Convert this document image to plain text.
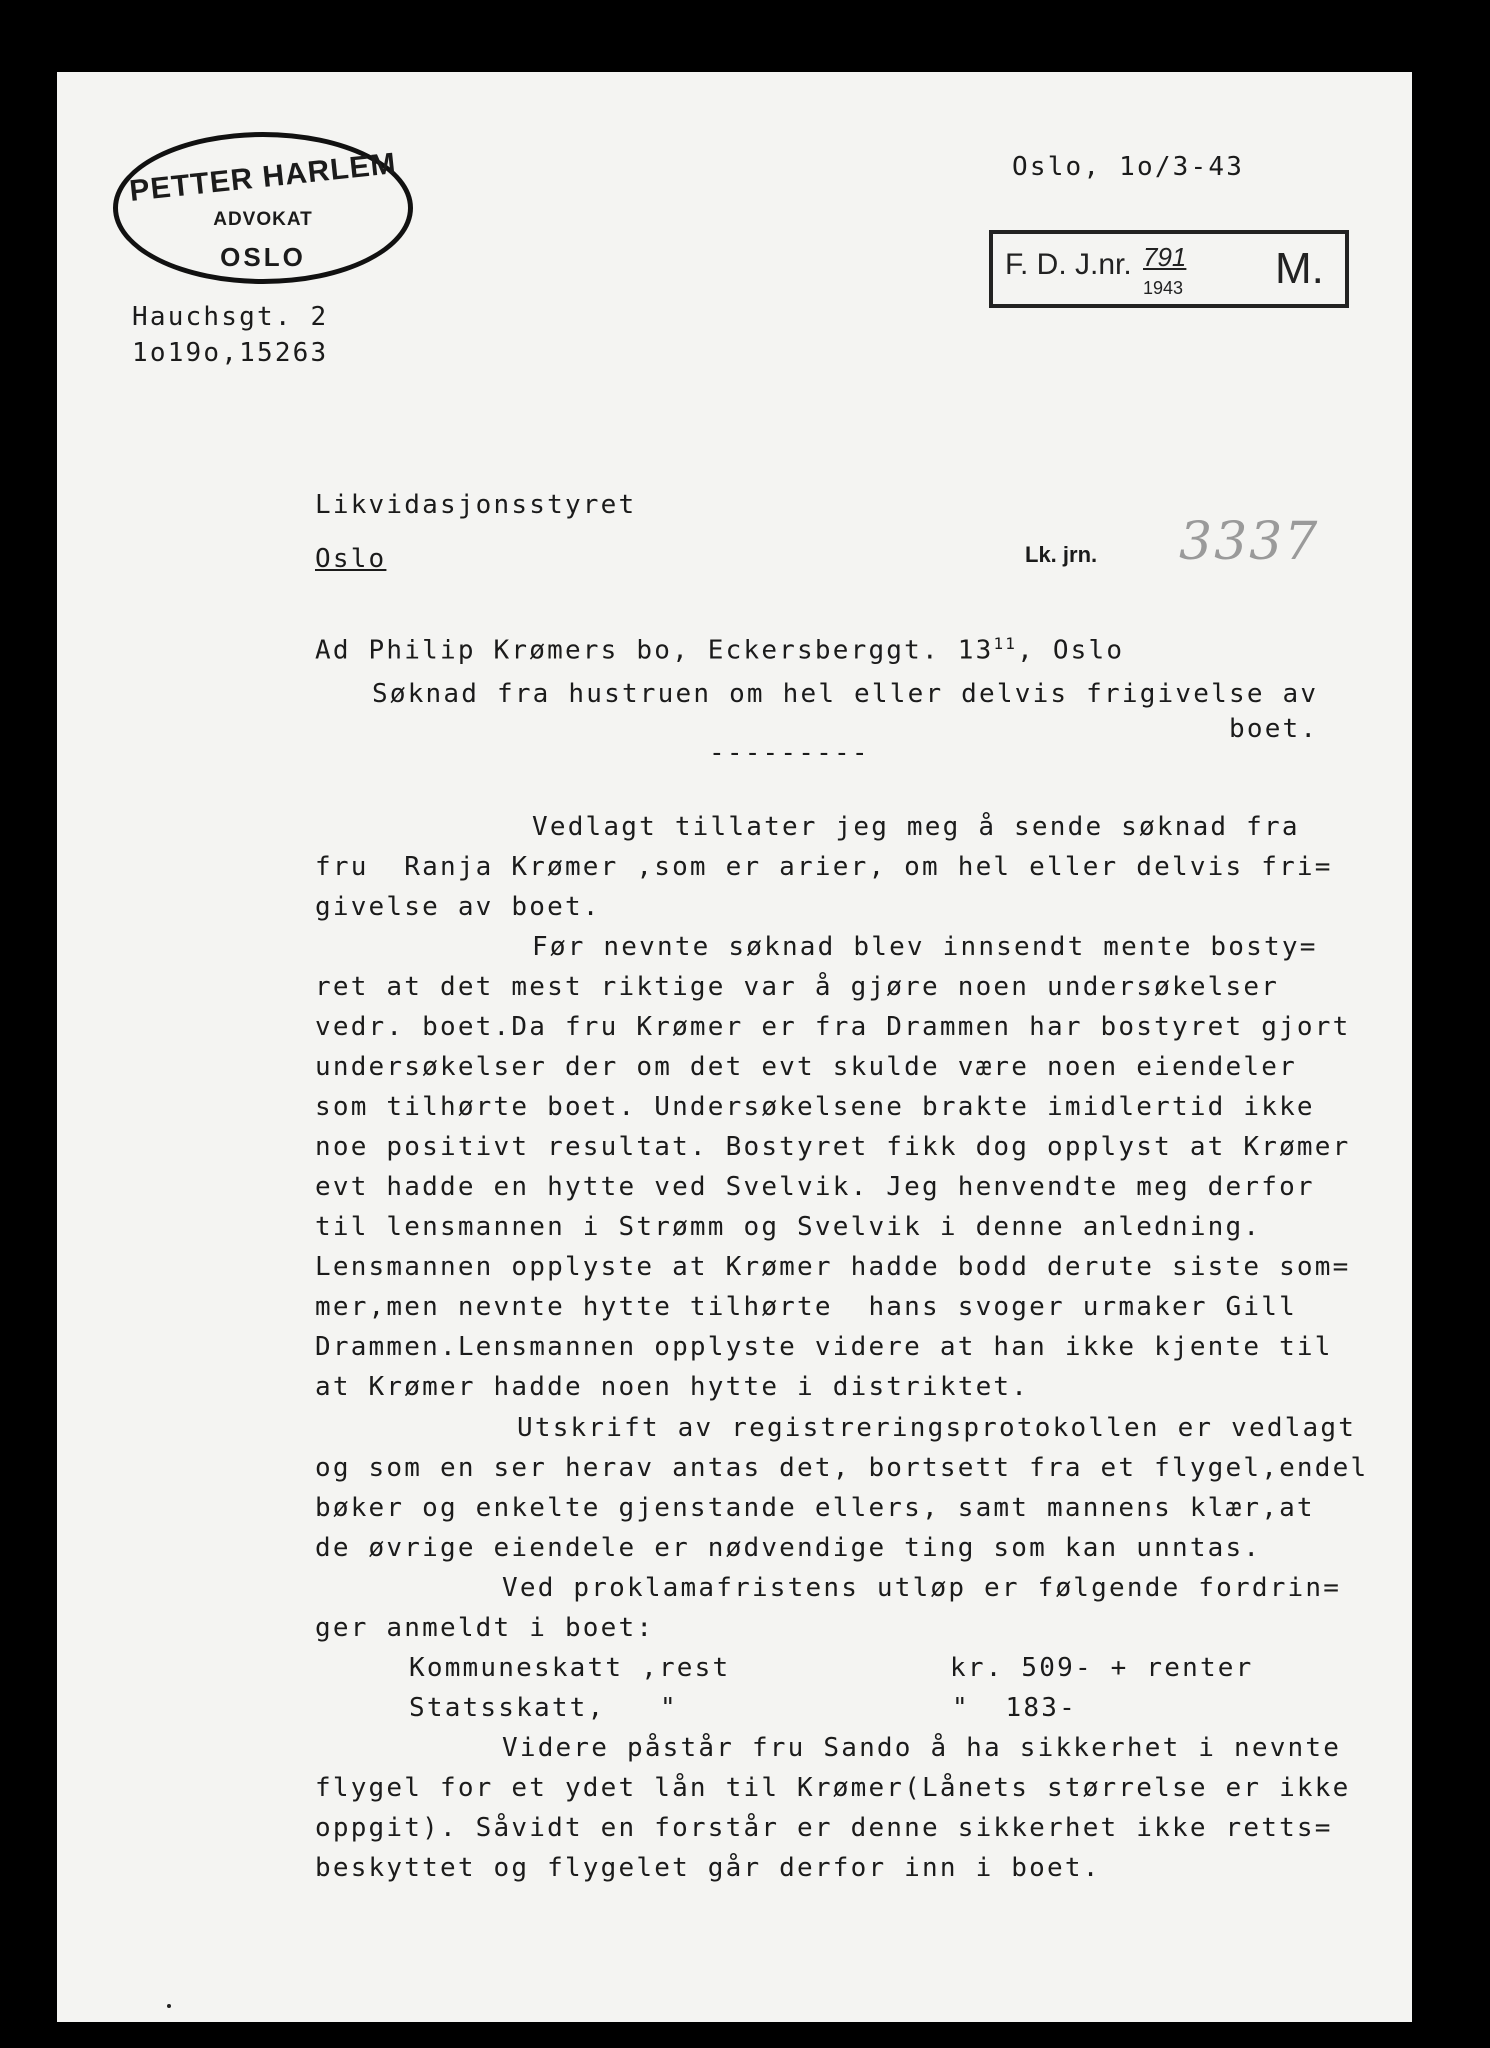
PETTER HARLEM
ADVOKAT
OSLO
Oslo, 1o/3-43
Hauchsgt. 2
1o19o,15263
F. D. J.nr. 791
1943 M.
Likvidasjonsstyret
Oslo	Lk. jrn. 3337
Ad Philip Krømers bo, Eckersberggt. $13^{11}$, Oslo
Søknad fra hustruen om hel eller delvis frigivelse av
boet.
---------
Vedlagt tillater jeg meg å sende søknad fra
fru  Ranja Krømer ,som er arier, om hel eller delvis fri=
givelse av boet.
Før nevnte søknad blev innsendt mente bosty=
ret at det mest riktige var å gjøre noen undersøkelser
vedr. boet.Da fru Krømer er fra Drammen har bostyret gjort
undersøkelser der om det evt skulde være noen eiendeler
som tilhørte boet. Undersøkelsene brakte imidlertid ikke
noe positivt resultat. Bostyret fikk dog opplyst at Krømer
evt hadde en hytte ved Svelvik. Jeg henvendte meg derfor
til lensmannen i Strømm og Svelvik i denne anledning.
Lensmannen opplyste at Krømer hadde bodd derute siste som=
mer,men nevnte hytte tilhørte  hans svoger urmaker Gill
Drammen.Lensmannen opplyste videre at han ikke kjente til
at Krømer hadde noen hytte i distriktet.
Utskrift av registreringsprotokollen er vedlagt
og som en ser herav antas det, bortsett fra et flygel,endel
bøker og enkelte gjenstande ellers, samt mannens klær,at
de øvrige eiendele er nødvendige ting som kan unntas.
Ved proklamafristens utløp er følgende fordrin=
ger anmeldt i boet:
Kommuneskatt ,rest	kr. 509- + renter
Statsskatt, "	"  183-
Videre påstår fru Sando å ha sikkerhet i nevnte
flygel for et ydet lån til Krømer(Lånets størrelse er ikke
oppgit). Såvidt en forstår er denne sikkerhet ikke retts=
beskyttet og flygelet går derfor inn i boet.
